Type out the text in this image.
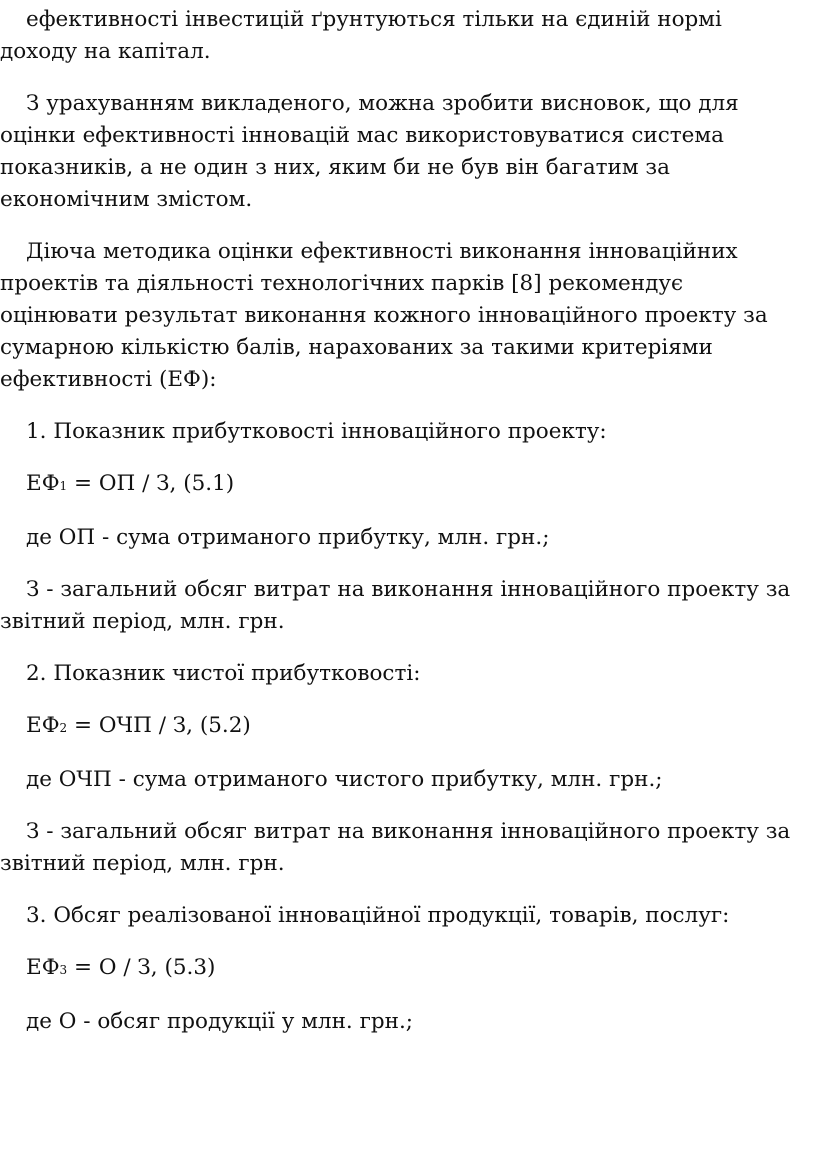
ефективності інвестицій ґрунтуються тільки на єдиній нормі
доходу на капітал.

З урахуванням викладеного, можна зробити висновок, що для
оцінки ефективності інновацій мас використовуватися система
показників, а не один з них, яким би не був він багатим за
економічним змістом.

Діюча методика оцінки ефективності виконання інноваційних
проектів та діяльності технологічних парків [8] рекомендує
оцінювати результат виконання кожного інноваційного проекту за
сумарною кількістю балів, нарахованих за такими критеріями
ефективності (ЕФ):

1. Показник прибутковості інноваційного проекту:

ЕФ1 = ОП / З, (5.1)

де ОП - сума отриманого прибутку, млн. грн.;

З - загальний обсяг витрат на виконання інноваційного проекту за
звітний період, млн. грн.

2. Показник чистої прибутковості:

ЕФ2 = ОЧП / З, (5.2)

де ОЧП - сума отриманого чистого прибутку, млн. грн.;

З - загальний обсяг витрат на виконання інноваційного проекту за
звітний період, млн. грн.

3. Обсяг реалізованої інноваційної продукції, товарів, послуг:

ЕФ3 = О / З, (5.3)

де О - обсяг продукції у млн. грн.;
